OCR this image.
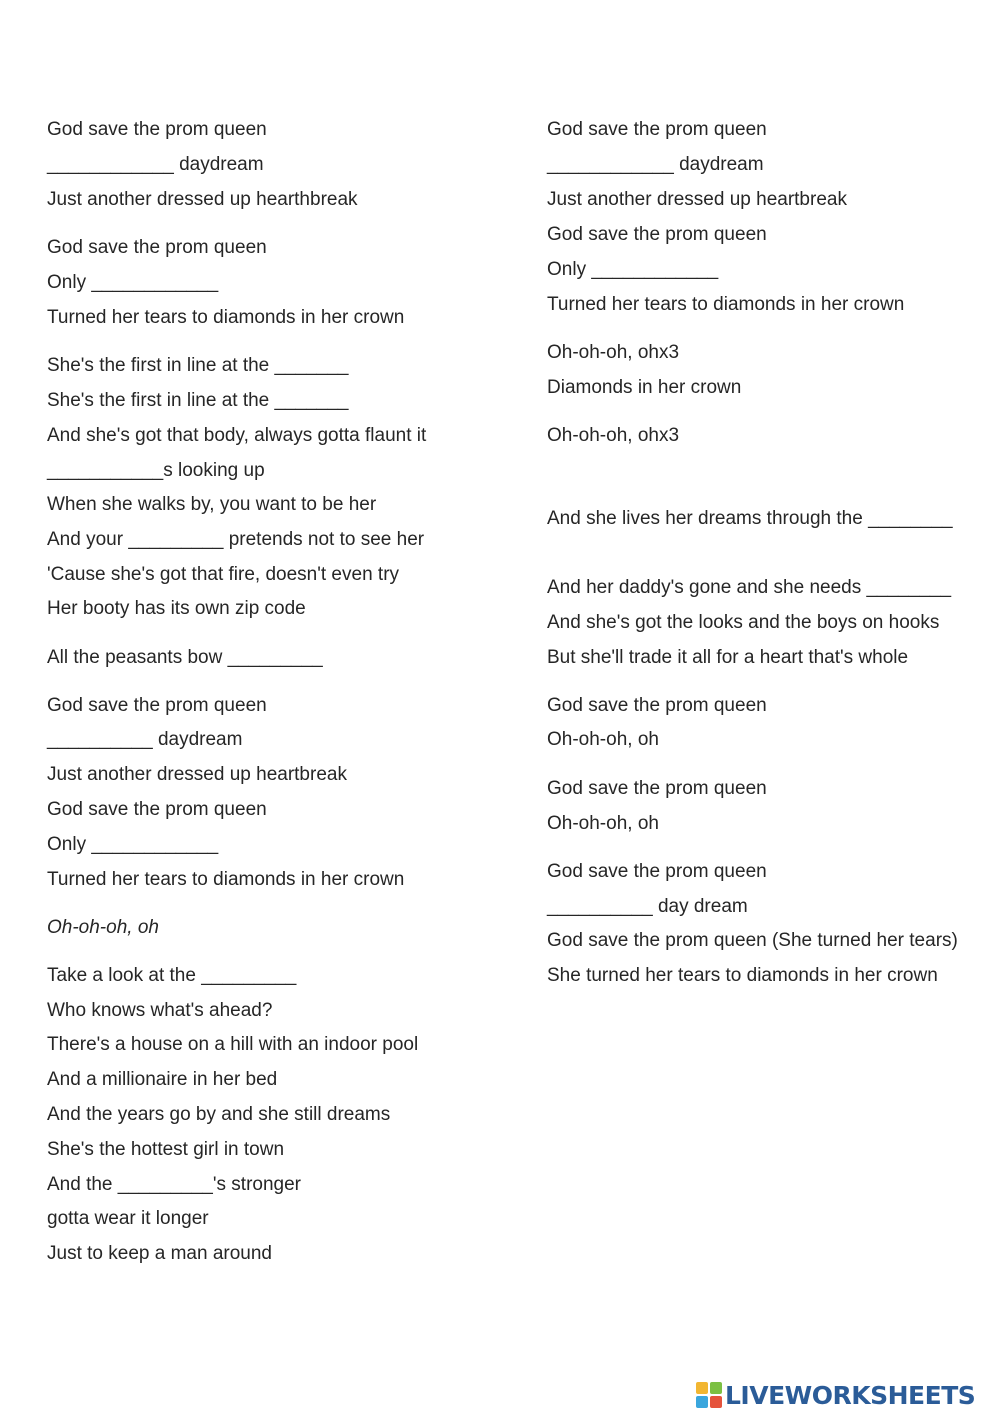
God save the prom queen
____________ daydream
Just another dressed up hearthbreak
God save the prom queen
Only ____________
Turned her tears to diamonds in her crown
She's the first in line at the _______
She's the first in line at the _______
And she's got that body, always gotta flaunt it
___________s looking up
When she walks by, you want to be her
And your _________ pretends not to see her
'Cause she's got that fire, doesn't even try
Her booty has its own zip code
All the peasants bow _________
God save the prom queen
__________ daydream
Just another dressed up heartbreak
God save the prom queen
Only ____________
Turned her tears to diamonds in her crown
Oh-oh-oh, oh
Take a look at the _________
Who knows what's ahead?
There's a house on a hill with an indoor pool
And a millionaire in her bed
And the years go by and she still dreams
She's the hottest girl in town
And the _________'s stronger
gotta wear it longer
Just to keep a man around
God save the prom queen
____________ daydream
Just another dressed up heartbreak
God save the prom queen
Only ____________
Turned her tears to diamonds in her crown
Oh-oh-oh, ohx3
Diamonds in her crown
Oh-oh-oh, ohx3
And she lives her dreams through the ________
And her daddy's gone and she needs ________
And she's got the looks and the boys on hooks
But she'll trade it all for a heart that's whole
God save the prom queen
Oh-oh-oh, oh
God save the prom queen
Oh-oh-oh, oh
God save the prom queen
__________ day dream
God save the prom queen (She turned her tears)
She turned her tears to diamonds in her crown
LIVEWORKSHEETS
